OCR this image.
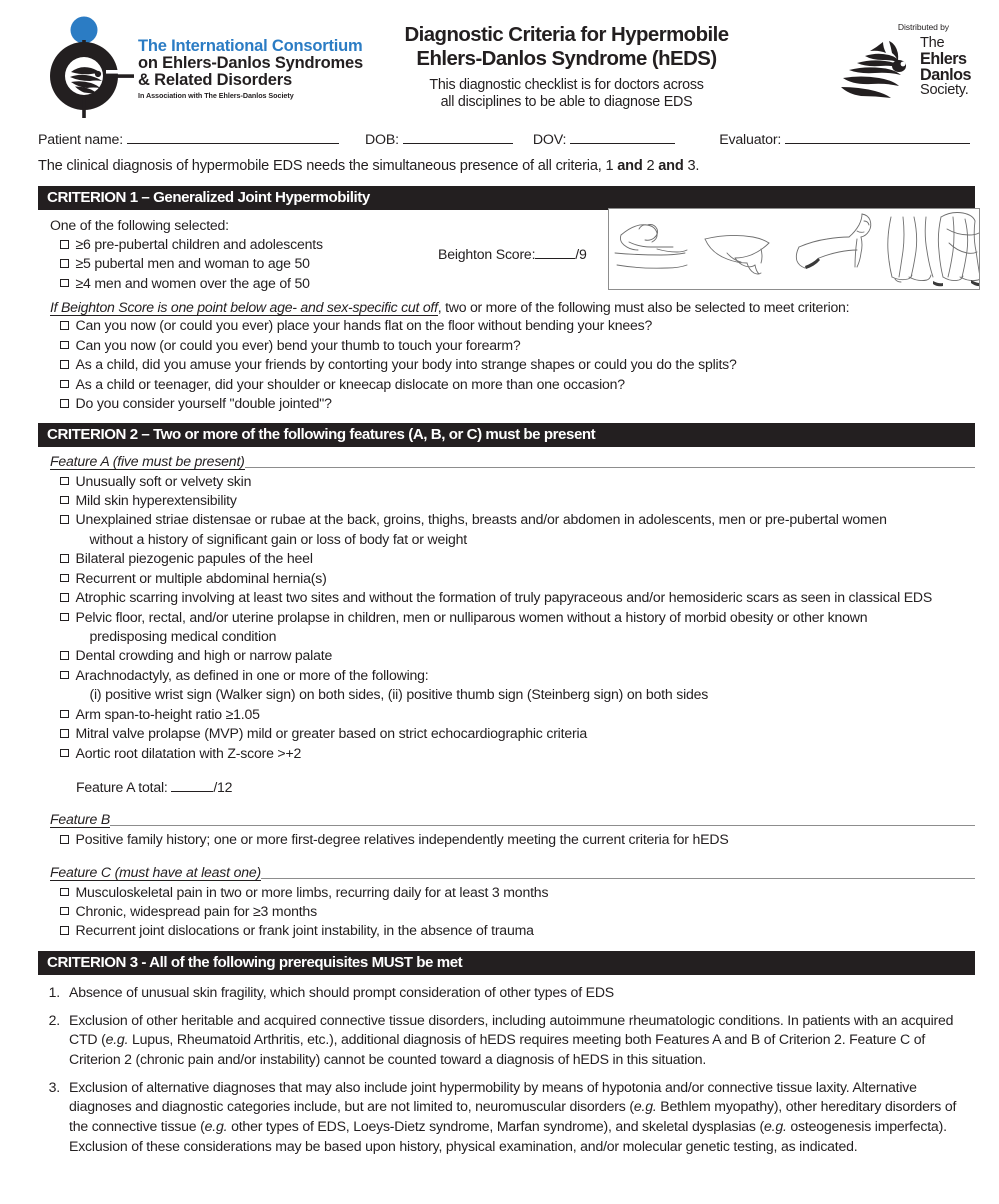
The International Consortium
on Ehlers-Danlos Syndromes
& Related Disorders
In Association with The Ehlers-Danlos Society
Diagnostic Criteria for Hypermobile
Ehlers-Danlos Syndrome (hEDS)
This diagnostic checklist is for doctors across
all disciplines to be able to diagnose EDS
Distributed by
The
Ehlers
Danlos
Society.
Patient name:	DOB:	DOV:	Evaluator:
The clinical diagnosis of hypermobile EDS needs the simultaneous presence of all criteria, 1 and 2 and 3.
CRITERION 1 – Generalized Joint Hypermobility
One of the following selected:
≥6 pre-pubertal children and adolescents
≥5 pubertal men and woman to age 50
≥4 men and women over the age of 50
Beighton Score:	/9
If Beighton Score is one point below age- and sex-specific cut off, two or more of the following must also be selected to meet criterion:
Can you now (or could you ever) place your hands flat on the floor without bending your knees?
Can you now (or could you ever) bend your thumb to touch your forearm?
As a child, did you amuse your friends by contorting your body into strange shapes or could you do the splits?
As a child or teenager, did your shoulder or kneecap dislocate on more than one occasion?
Do you consider yourself "double jointed"?
CRITERION 2 – Two or more of the following features (A, B, or C) must be present
Feature A (five must be present)
Unusually soft or velvety skin
Mild skin hyperextensibility
Unexplained striae distensae or rubae at the back, groins, thighs, breasts and/or abdomen in adolescents, men or pre-pubertal women
without a history of significant gain or loss of body fat or weight
Bilateral piezogenic papules of the heel
Recurrent or multiple abdominal hernia(s)
Atrophic scarring involving at least two sites and without the formation of truly papyraceous and/or hemosideric scars as seen in classical EDS
Pelvic floor, rectal, and/or uterine prolapse in children, men or nulliparous women without a history of morbid obesity or other known
predisposing medical condition
Dental crowding and high or narrow palate
Arachnodactyly, as defined in one or more of the following:
(i) positive wrist sign (Walker sign) on both sides, (ii) positive thumb sign (Steinberg sign) on both sides
Arm span-to-height ratio ≥1.05
Mitral valve prolapse (MVP) mild or greater based on strict echocardiographic criteria
Aortic root dilatation with Z-score >+2
Feature A total:	/12
Feature B
Positive family history; one or more first-degree relatives independently meeting the current criteria for hEDS
Feature C (must have at least one)
Musculoskeletal pain in two or more limbs, recurring daily for at least 3 months
Chronic, widespread pain for ≥3 months
Recurrent joint dislocations or frank joint instability, in the absence of trauma
CRITERION 3 - All of the following prerequisites MUST be met
1. Absence of unusual skin fragility, which should prompt consideration of other types of EDS
2. Exclusion of other heritable and acquired connective tissue disorders, including autoimmune rheumatologic conditions. In patients with an acquired CTD (e.g. Lupus, Rheumatoid Arthritis, etc.), additional diagnosis of hEDS requires meeting both Features A and B of Criterion 2. Feature C of Criterion 2 (chronic pain and/or instability) cannot be counted toward a diagnosis of hEDS in this situation.
3. Exclusion of alternative diagnoses that may also include joint hypermobility by means of hypotonia and/or connective tissue laxity. Alternative diagnoses and diagnostic categories include, but are not limited to, neuromuscular disorders (e.g. Bethlem myopathy), other hereditary disorders of the connective tissue (e.g. other types of EDS, Loeys-Dietz syndrome, Marfan syndrome), and skeletal dysplasias (e.g. osteogenesis imperfecta). Exclusion of these considerations may be based upon history, physical examination, and/or molecular genetic testing, as indicated.
